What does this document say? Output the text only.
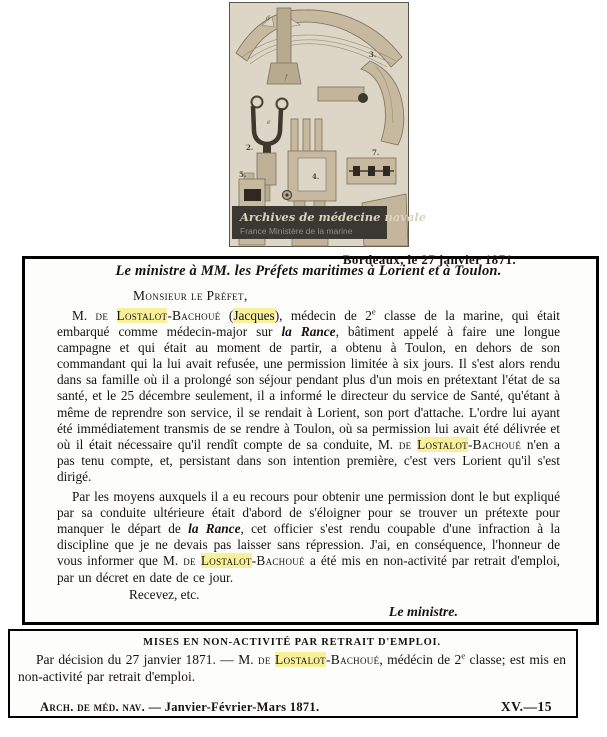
2.
3.
4.
5.
7.
d
e
f
Archives de médecine navale
France Ministère de la marine
Bordeaux, le 27 janvier 1871.
Le ministre à MM. les Préfets maritimes à Lorient et à Toulon.
Monsieur le Préfet,

M. de Lostalot-Bachoué (Jacques), médecin de 2e classe de la marine, qui était embarqué comme médecin-major sur la Rance, bâtiment appelé à faire une longue campagne et qui était au moment de partir, a obtenu à Toulon, en dehors de son commandant qui la lui avait refusée, une permission limitée à six jours. Il s'est alors rendu dans sa famille où il a prolongé son séjour pendant plus d'un mois en prétextant l'état de sa santé, et le 25 décembre seulement, il a informé le directeur du service de Santé, qu'étant à même de reprendre son service, il se rendait à Lorient, son port d'attache. L'ordre lui ayant été immédiatement transmis de se rendre à Toulon, où sa permission lui avait été délivrée et où il était nécessaire qu'il rendît compte de sa conduite, M. de Lostalot-Bachoué n'en a pas tenu compte, et, persistant dans son intention première, c'est vers Lorient qu'il s'est dirigé.

Par les moyens auxquels il a eu recours pour obtenir une permission dont le but expliqué par sa conduite ultérieure était d'abord de s'éloigner pour se trouver un prétexte pour manquer le départ de la Rance, cet officier s'est rendu coupable d'une infraction à la discipline que je ne devais pas laisser sans répression. J'ai, en conséquence, l'honneur de vous informer que M. de Lostalot-Bachoué a été mis en non-activité par retrait d'emploi, par un décret en date de ce jour.

Recevez, etc.
Le ministre.
MISES EN NON-ACTIVITÉ PAR RETRAIT D'EMPLOI.

Par décision du 27 janvier 1871. — M. de Lostalot-Bachoué, médécin de 2e classe; est mis en non-activité par retrait d'emploi.

Arch. de méd. nav. — Janvier-Février-Mars 1871.	XV.—15
